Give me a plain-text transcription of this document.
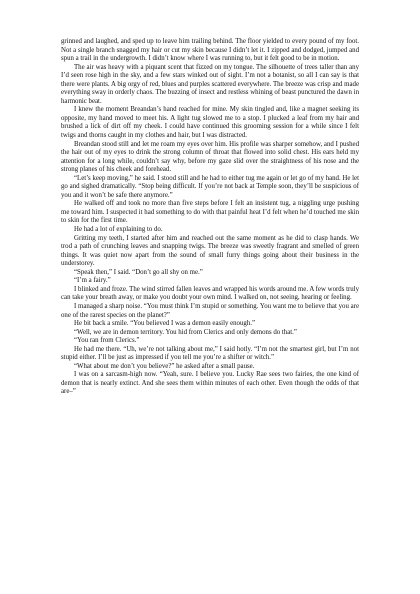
grinned and laughed, and sped up to leave him trailing behind. The floor yielded to every pound of my foot. Not a single branch snagged my hair or cut my skin because I didn’t let it. I zipped and dodged, jumped and spun a trail in the undergrowth. I didn’t know where I was running to, but it felt good to be in motion.

The air was heavy with a piquant scent that fizzed on my tongue. The silhouette of trees taller than any I’d seen rose high in the sky, and a few stars winked out of sight. I’m not a botanist, so all I can say is that there were plants. A big orgy of red, blues and purples scattered everywhere. The breeze was crisp and made everything sway in orderly chaos. The buzzing of insect and restless whining of beast punctured the dawn in harmonic beat.

I knew the moment Breandan’s hand reached for mine. My skin tingled and, like a magnet seeking its opposite, my hand moved to meet his. A light tug slowed me to a stop. I plucked a leaf from my hair and brushed a lick of dirt off my cheek. I could have continued this grooming session for a while since I felt twigs and thorns caught in my clothes and hair, but I was distracted.

Breandan stood still and let me roam my eyes over him. His profile was sharper somehow, and I pushed the hair out of my eyes to drink the strong column of throat that flowed into solid chest. His ears held my attention for a long while, couldn’t say why, before my gaze slid over the straightness of his nose and the strong planes of his cheek and forehead.

“Let’s keep moving,” he said. I stood still and he had to either tug me again or let go of my hand. He let go and sighed dramatically. “Stop being difficult. If you’re not back at Temple soon, they’ll be suspicious of you and it won’t be safe there anymore.”

He walked off and took no more than five steps before I felt an insistent tug, a niggling urge pushing me toward him. I suspected it had something to do with that painful heat I’d felt when he’d touched me skin to skin for the first time.

He had a lot of explaining to do.

Gritting my teeth, I started after him and reached out the same moment as he did to clasp hands. We trod a path of crunching leaves and snapping twigs. The breeze was sweetly fragrant and smelled of green things. It was quiet now apart from the sound of small furry things going about their business in the understorey.

“Speak then,” I said. “Don’t go all shy on me.”

“I’m a fairy.”

I blinked and froze. The wind stirred fallen leaves and wrapped his words around me. A few words truly can take your breath away, or make you doubt your own mind. I walked on, not seeing, hearing or feeling.

I managed a sharp noise. “You must think I’m stupid or something. You want me to believe that you are one of the rarest species on the planet?”

He bit back a smile. “You believed I was a demon easily enough.”

“Well, we are in demon territory. You hid from Clerics and only demons do that.”

“You ran from Clerics.”

He had me there. “Uh, we’re not talking about me,” I said hotly. “I’m not the smartest girl, but I’m not stupid either. I’ll be just as impressed if you tell me you’re a shifter or witch.”

“What about me don’t you believe?” he asked after a small pause.

I was on a sarcasm-high now. “Yeah, sure. I believe you. Lucky Rae sees two fairies, the one kind of demon that is nearly extinct. And she sees them within minutes of each other. Even though the odds of that are–”
